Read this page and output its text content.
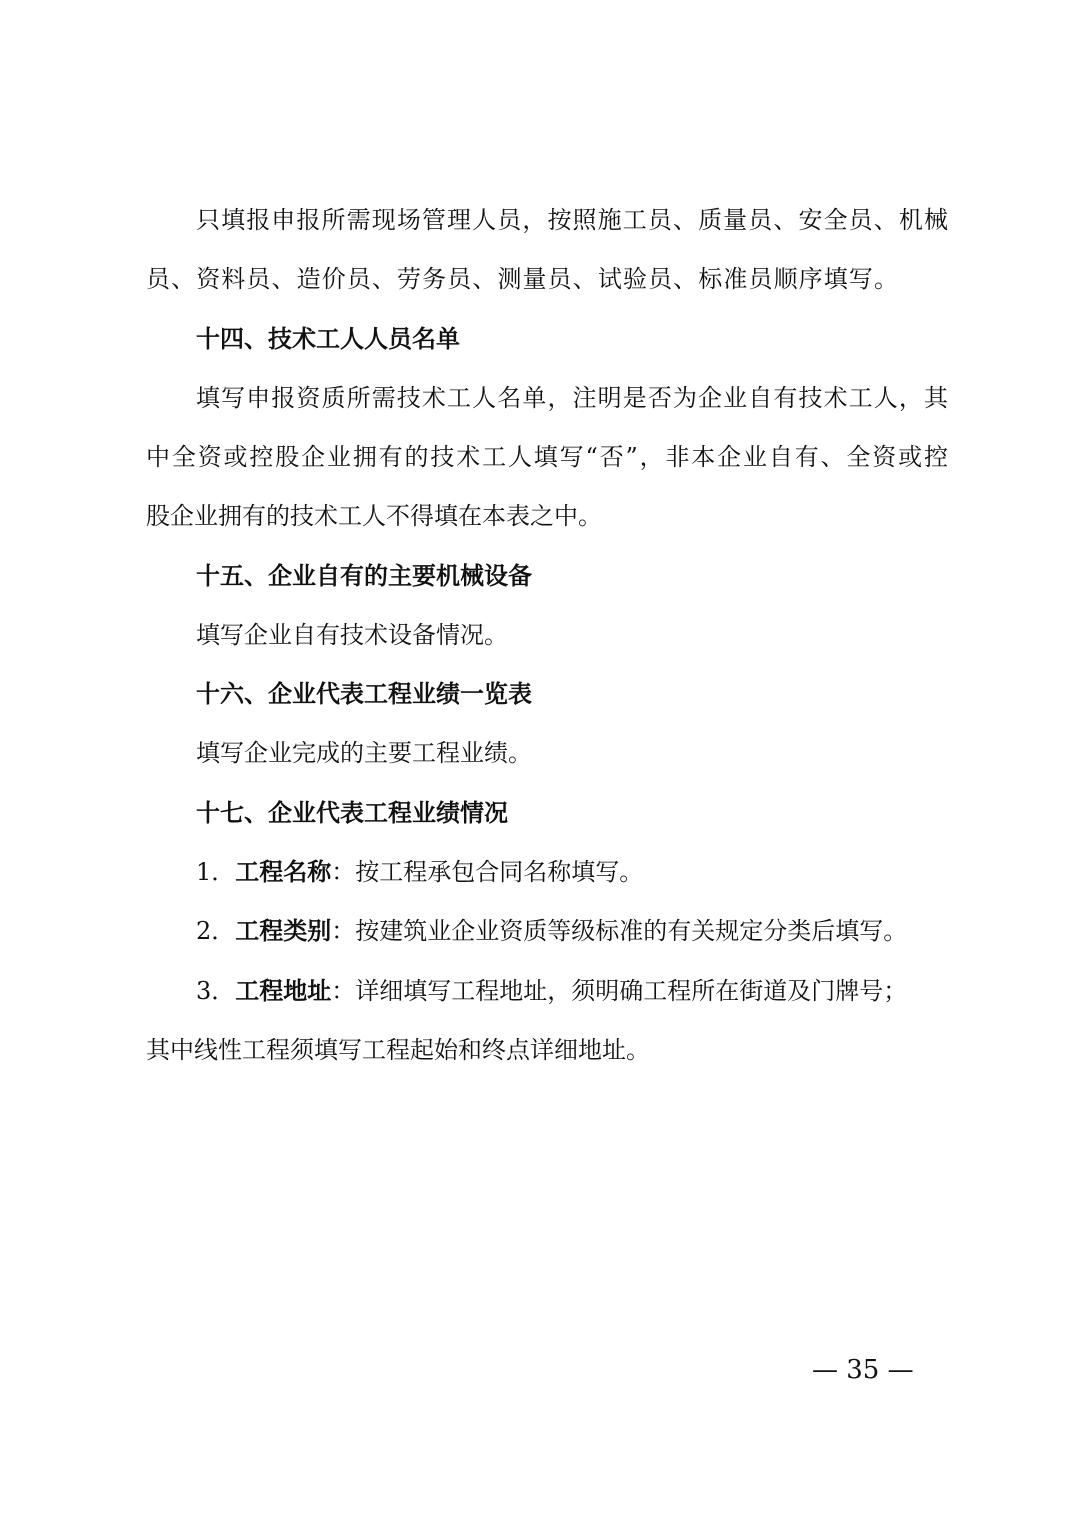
只填报申报所需现场管理人员，按照施工员、质量员、安全员、机械
员、资料员、造价员、劳务员、测量员、试验员、标准员顺序填写。
十四、技术工人人员名单
填写申报资质所需技术工人名单，注明是否为企业自有技术工人，其
中全资或控股企业拥有的技术工人填写“否”，非本企业自有、全资或控
股企业拥有的技术工人不得填在本表之中。
十五、企业自有的主要机械设备
填写企业自有技术设备情况。
十六、企业代表工程业绩一览表
填写企业完成的主要工程业绩。
十七、企业代表工程业绩情况
1．工程名称：按工程承包合同名称填写。
2．工程类别：按建筑业企业资质等级标准的有关规定分类后填写。
3．工程地址：详细填写工程地址，须明确工程所在街道及门牌号；
其中线性工程须填写工程起始和终点详细地址。
— 35 —
